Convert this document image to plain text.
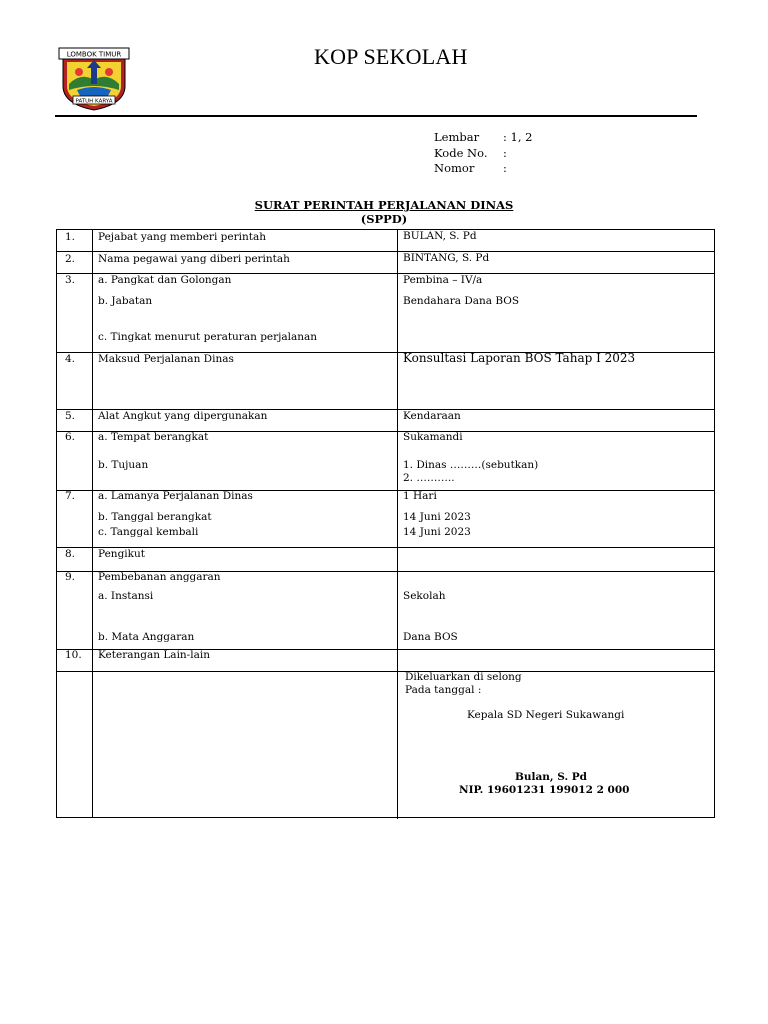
LOMBOK TIMUR
PATUH KARYA
KOP SEKOLAH
Lembar : 1, 2
Kode No. :
Nomor :
SURAT PERINTAH PERJALANAN DINAS
(SPPD)
1. Pejabat yang memberi perintah	BULAN, S. Pd
2. Nama pegawai yang diberi perintah	BINTANG, S. Pd
3. a. Pangkat dan Golongan	Pembina – IV/a
b. Jabatan	Bendahara Dana BOS
c. Tingkat menurut peraturan perjalanan
4. Maksud Perjalanan Dinas	Konsultasi Laporan BOS Tahap I 2023
5. Alat Angkut yang dipergunakan	Kendaraan
6. a. Tempat berangkat	Sukamandi
b. Tujuan	1. Dinas ………(sebutkan)
2. ………..
7. a. Lamanya Perjalanan Dinas	1 Hari
b. Tanggal berangkat	14 Juni 2023
c. Tanggal kembali	14 Juni 2023
8. Pengikut
9. Pembebanan anggaran
a. Instansi	Sekolah
b. Mata Anggaran	Dana BOS
10. Keterangan Lain-lain
Dikeluarkan di selong
Pada tanggal :
Kepala SD Negeri Sukawangi
Bulan, S. Pd
NIP. 19601231 199012 2 000
